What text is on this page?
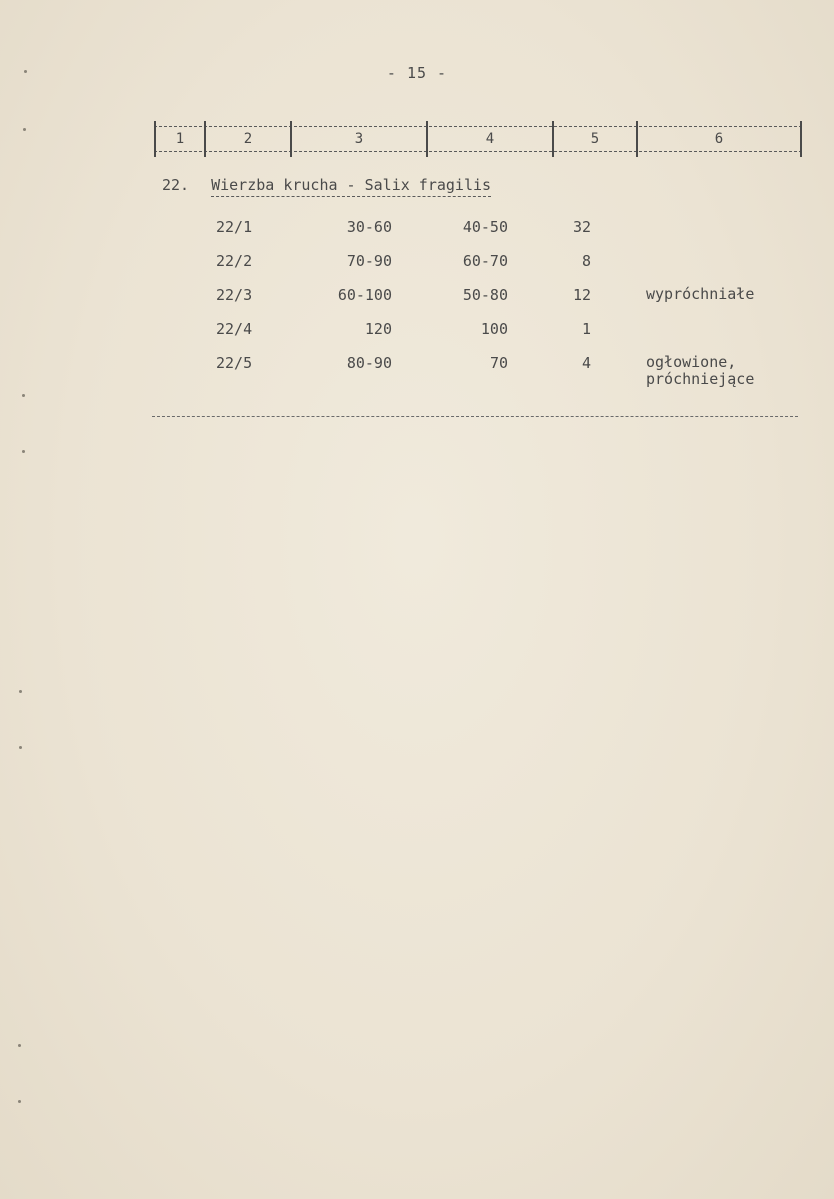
- 15 -
1	2	3	4	5	6
22. Wierzba krucha - Salix fragilis
22/1	30-60	40-50	32

22/2	70-90	60-70	8

22/3	60-100	50-80	12	wypróchniałe

22/4	120	100	1

22/5	80-90	70	4	ogłowione,
próchniejące
